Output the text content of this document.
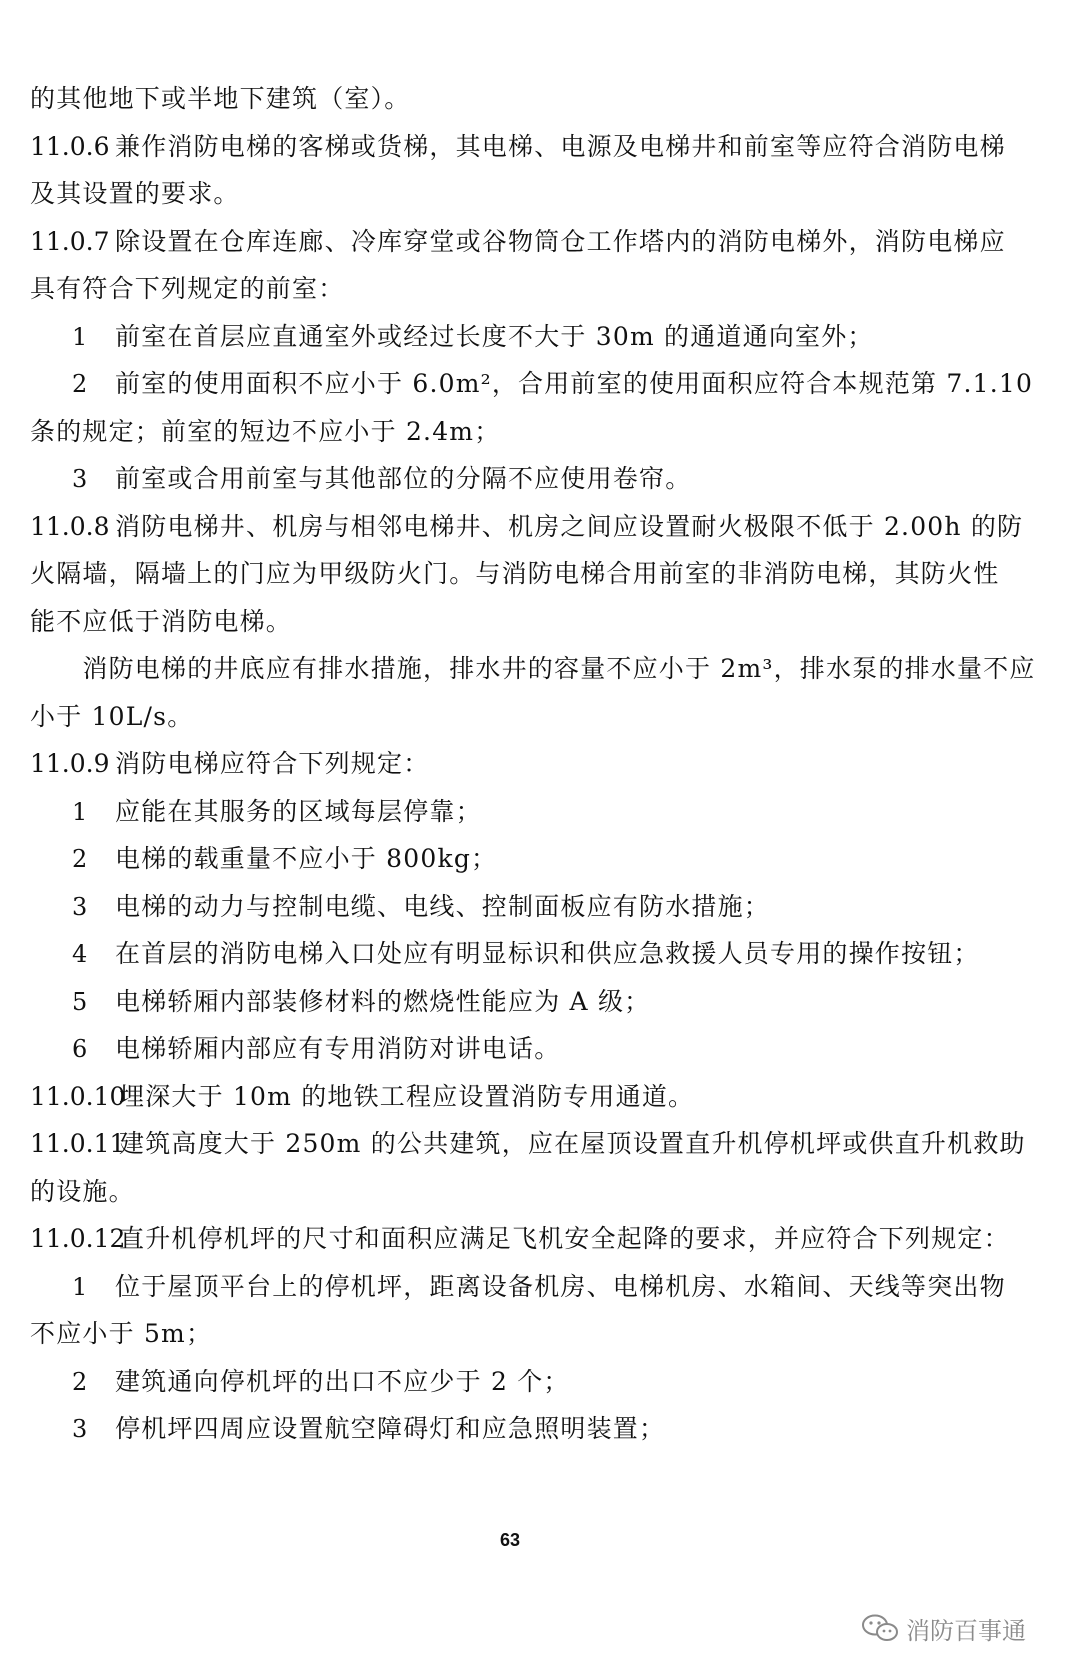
的其他地下或半地下建筑（室）。
11.0.6 兼作消防电梯的客梯或货梯，其电梯、电源及电梯井和前室等应符合消防电梯
及其设置的要求。
11.0.7 除设置在仓库连廊、冷库穿堂或谷物筒仓工作塔内的消防电梯外，消防电梯应
具有符合下列规定的前室：
1 前室在首层应直通室外或经过长度不大于 30m 的通道通向室外；
2 前室的使用面积不应小于 6.0m²，合用前室的使用面积应符合本规范第 7.1.10
条的规定；前室的短边不应小于 2.4m；
3 前室或合用前室与其他部位的分隔不应使用卷帘。
11.0.8 消防电梯井、机房与相邻电梯井、机房之间应设置耐火极限不低于 2.00h 的防
火隔墙，隔墙上的门应为甲级防火门。与消防电梯合用前室的非消防电梯，其防火性
能不应低于消防电梯。
　　消防电梯的井底应有排水措施，排水井的容量不应小于 2m³，排水泵的排水量不应
小于 10L/s。
11.0.9 消防电梯应符合下列规定：
1 应能在其服务的区域每层停靠；
2 电梯的载重量不应小于 800kg；
3 电梯的动力与控制电缆、电线、控制面板应有防水措施；
4 在首层的消防电梯入口处应有明显标识和供应急救援人员专用的操作按钮；
5 电梯轿厢内部装修材料的燃烧性能应为 A 级；
6 电梯轿厢内部应有专用消防对讲电话。
11.0.10
埋深大于 10m 的地铁工程应设置消防专用通道。
11.0.11
建筑高度大于 250m 的公共建筑，应在屋顶设置直升机停机坪或供直升机救助
的设施。
11.0.12
直升机停机坪的尺寸和面积应满足飞机安全起降的要求，并应符合下列规定：
1 位于屋顶平台上的停机坪，距离设备机房、电梯机房、水箱间、天线等突出物
不应小于 5m；
2 建筑通向停机坪的出口不应少于 2 个；
3 停机坪四周应设置航空障碍灯和应急照明装置；
63
消防百事通
